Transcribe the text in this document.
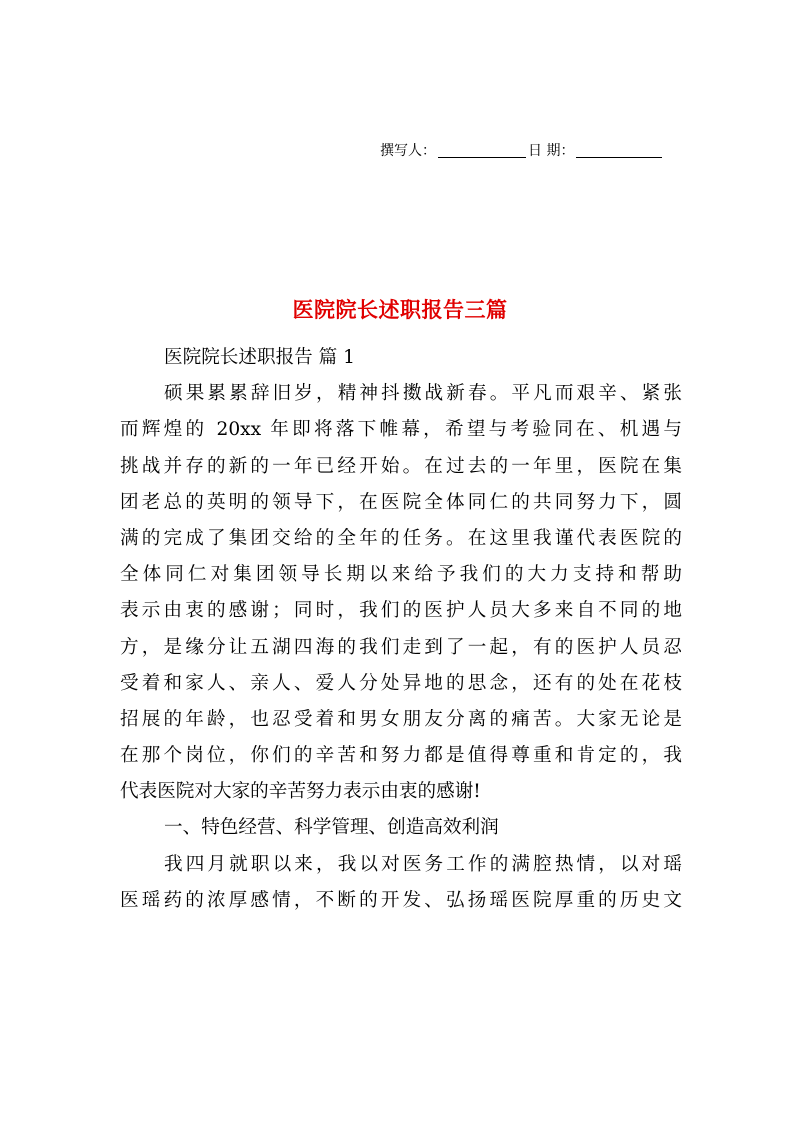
撰写人：	日 期：
医院院长述职报告三篇
医院院长述职报告 篇 1
硕果累累辞旧岁，精神抖擞战新春。平凡而艰辛、紧张
而辉煌的 20xx 年即将落下帷幕，希望与考验同在、机遇与
挑战并存的新的一年已经开始。在过去的一年里，医院在集
团老总的英明的领导下，在医院全体同仁的共同努力下，圆
满的完成了集团交给的全年的任务。在这里我谨代表医院的
全体同仁对集团领导长期以来给予我们的大力支持和帮助
表示由衷的感谢；同时，我们的医护人员大多来自不同的地
方，是缘分让五湖四海的我们走到了一起，有的医护人员忍
受着和家人、亲人、爱人分处异地的思念，还有的处在花枝
招展的年龄，也忍受着和男女朋友分离的痛苦。大家无论是
在那个岗位，你们的辛苦和努力都是值得尊重和肯定的，我
代表医院对大家的辛苦努力表示由衷的感谢!
一、特色经营、科学管理、创造高效利润
我四月就职以来，我以对医务工作的满腔热情，以对瑶
医瑶药的浓厚感情，不断的开发、弘扬瑶医院厚重的历史文
